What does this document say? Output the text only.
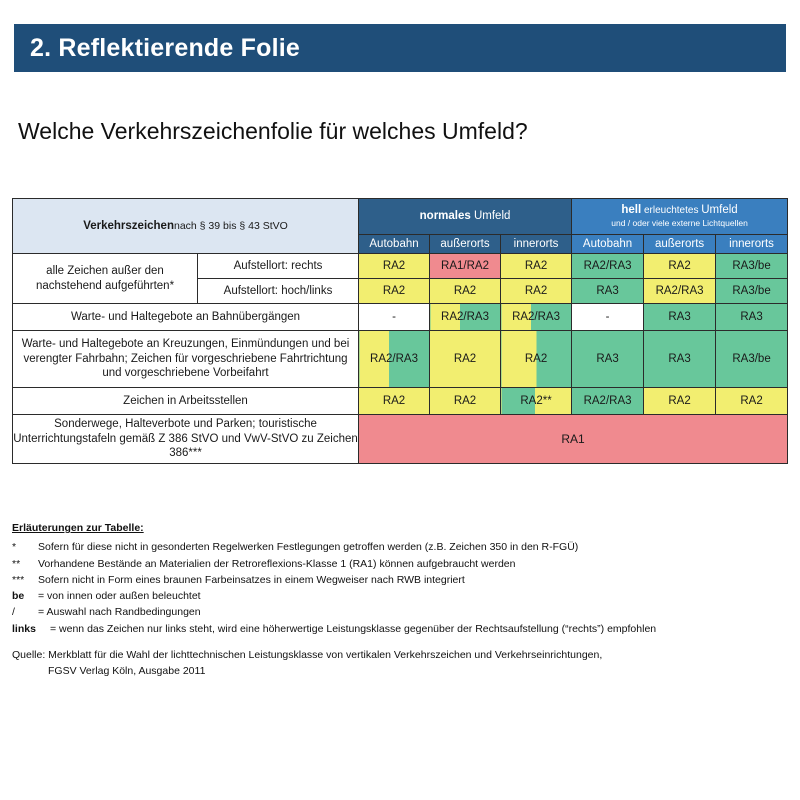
2. Reflektierende Folie
Welche Verkehrszeichenfolie für welches Umfeld?
Verkehrszeichennach § 39 bis § 43 StVO		normales Umfeld			hell erleuchtetes Umfeld
und / oder viele externe Lichtquellen		

		Autobahn	außerorts	innerorts	Autobahn	außerorts	innerorts
alle Zeichen außer den nachstehend aufgeführten*	Aufstellort: rechts	RA2	RA1/RA2	RA2	RA2/RA3	RA2	RA3/be
	Aufstellort: hoch/links	RA2	RA2	RA2	RA3	RA2/RA3	RA3/be
Warte- und Haltegebote an Bahnübergängen		-	RA2/RA3	RA2/RA3	-	RA3	RA3
Warte- und Haltegebote an Kreuzungen, Einmündungen und bei verengter Fahrbahn; Zeichen für vorgeschriebene Fahrtrichtung und vorgeschriebene Vorbeifahrt		RA2/RA3	RA2	RA2	RA3	RA3	RA3/be
Zeichen in Arbeitsstellen		RA2	RA2	RA2**	RA2/RA3	RA2	RA2
Sonderwege, Halteverbote und Parken; touristische Unterrichtungstafeln gemäß Z 386 StVO und VwV-StVO zu Zeichen 386***		RA1					
Erläuterungen zur Tabelle:
*	Sofern für diese nicht in gesonderten Regelwerken Festlegungen getroffen werden (z.B. Zeichen 350 in den R-FGÜ)
**	Vorhandene Bestände an Materialien der Retroreflexions-Klasse 1 (RA1) können aufgebraucht werden
***	Sofern nicht in Form eines braunen Farbeinsatzes in einem Wegweiser nach RWB integriert
be	= von innen oder außen beleuchtet
/	= Auswahl nach Randbedingungen
links	= wenn das Zeichen nur links steht, wird eine höherwertige Leistungsklasse gegenüber der Rechtsaufstellung (“rechts”) empfohlen
Quelle: Merkblatt für die Wahl der lichttechnischen Leistungsklasse von vertikalen Verkehrszeichen und Verkehrseinrichtungen,
FGSV Verlag Köln, Ausgabe 2011
